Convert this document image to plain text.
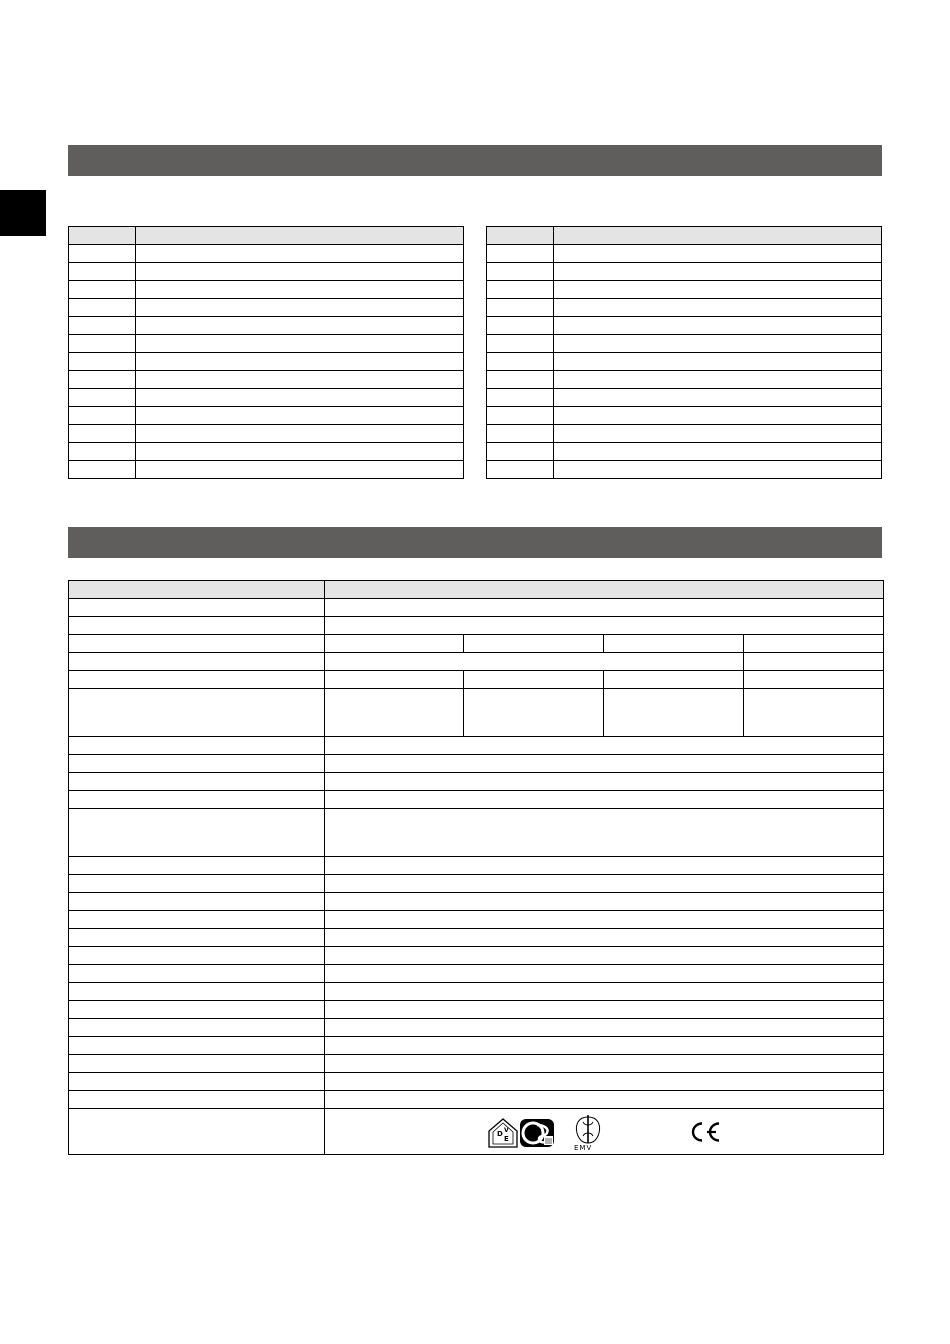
D V
E
EMV			
